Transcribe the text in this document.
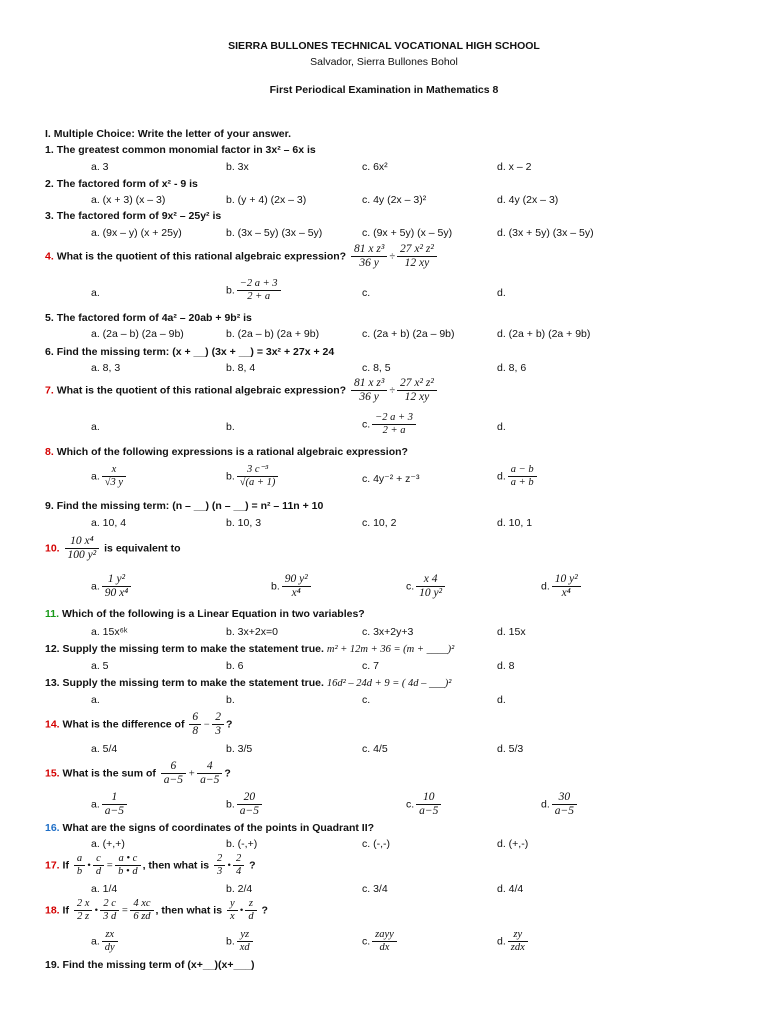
SIERRA BULLONES TECHNICAL VOCATIONAL HIGH SCHOOL
Salvador, Sierra Bullones Bohol
First Periodical Examination in Mathematics 8
I. Multiple Choice: Write the letter of your answer.
1. The greatest common monomial factor in 3x² – 6x is
a. 3	b. 3x	c. 6x²	d. x – 2
2. The factored form of x² - 9 is
a. (x + 3) (x – 3)	b. (y + 4) (2x – 3)	c. 4y (2x – 3)²	d. 4y (2x – 3)
3. The factored form of 9x² – 25y² is
a. (9x – y) (x + 25y)	b. (3x – 5y) (3x – 5y)	c. (9x + 5y) (x – 5y)	d. (3x + 5y) (3x – 5y)
4. What is the quotient of this rational algebraic expression? $\frac{\text{81 x z³}}{36 y} \div \frac{\text{27 x² z²}}{12 xy}$
a.	b. $\frac{-2 a + 3}{2 + a}$	c.	d.
5. The factored form of 4a² – 20ab + 9b² is
a. (2a – b) (2a – 9b)	b. (2a – b) (2a + 9b)	c. (2a + b) (2a – 9b)	d. (2a + b) (2a + 9b)
6. Find the missing term: (x + __) (3x + __) = 3x² + 27x + 24
a. 8, 3	b. 8, 4	c. 8, 5	d. 8, 6
7. What is the quotient of this rational algebraic expression? $\frac{\text{81 x z³}}{36 y} \div \frac{\text{27 x² z²}}{12 xy}$
a.	b.	c. $\frac{-2 a + 3}{2 + a}$	d.
8. Which of the following expressions is a rational algebraic expression?
a. $\frac{x}{√3 y}$	b. $\frac{\text{3 c⁻³}}{√(a + 1)}$	c. 4y⁻² + z⁻³	d. $\frac{a - b}{a + b}$
9. Find the missing term: (n – __) (n – __) = n² – 11n + 10
a. 10, 4	b. 10, 3	c. 10, 2	d. 10, 1
10. $\frac{\text{10 x⁴}}{\text{100 y²}}$ is equivalent to
a. $\frac{\text{1 y²}}{\text{90 x⁴}}$	b. $\frac{\text{90 y²}}{\text{x⁴}}$	c. $\frac{x 4}{\text{10 y²}}$	d. $\frac{\text{10 y²}}{\text{x⁴}}$
11. Which of the following is a Linear Equation in two variables?
a. 15x⁶ᵏ	b. 3x+2x=0	c. 3x+2y+3	d. 15x
12. Supply the missing term to make the statement true. m² + 12m + 36 = (m + ____)²
a. 5	b. 6	c. 7	d. 8
13. Supply the missing term to make the statement true. 16d² – 24d + 9 = ( 4d – ___)²
a.	b.	c.	d.
14. What is the difference of $\frac{6}{8} - \frac{2}{3}$ ?
a. 5/4	b. 3/5	c. 4/5	d. 5/3
15. What is the sum of $\frac{6}{a-5} + \frac{4}{a-5}$ ?
a. $\frac{1}{a-5}$	b. $\frac{20}{a-5}$	c. $\frac{10}{a-5}$	d. $\frac{30}{a-5}$
16. What are the signs of coordinates of the points in Quadrant II?
a. (+,+)	b. (-,+)	c. (-,-)	d. (+,-)
17. If $\frac{a}{b}$ • $\frac{c}{d} = \frac{a • c}{b • d}$ , then what is $\frac{2}{3}$ • $\frac{2}{4}$ ?
a. 1/4	b. 2/4	c. 3/4	d. 4/4
18. If $\frac{2 x}{2 z}$ • $\frac{2 c}{3 d} = \frac{4 xc}{6 zd}$ , then what is $\frac{y}{x}$ • $\frac{z}{d}$ ?
a. $\frac{zx}{dy}$	b. $\frac{yz}{xd}$	c. $\frac{\text{zayy}}{dx}$	d. $\frac{zy}{\text{zdx}}$
19. Find the missing term of (x+__)(x+___)
